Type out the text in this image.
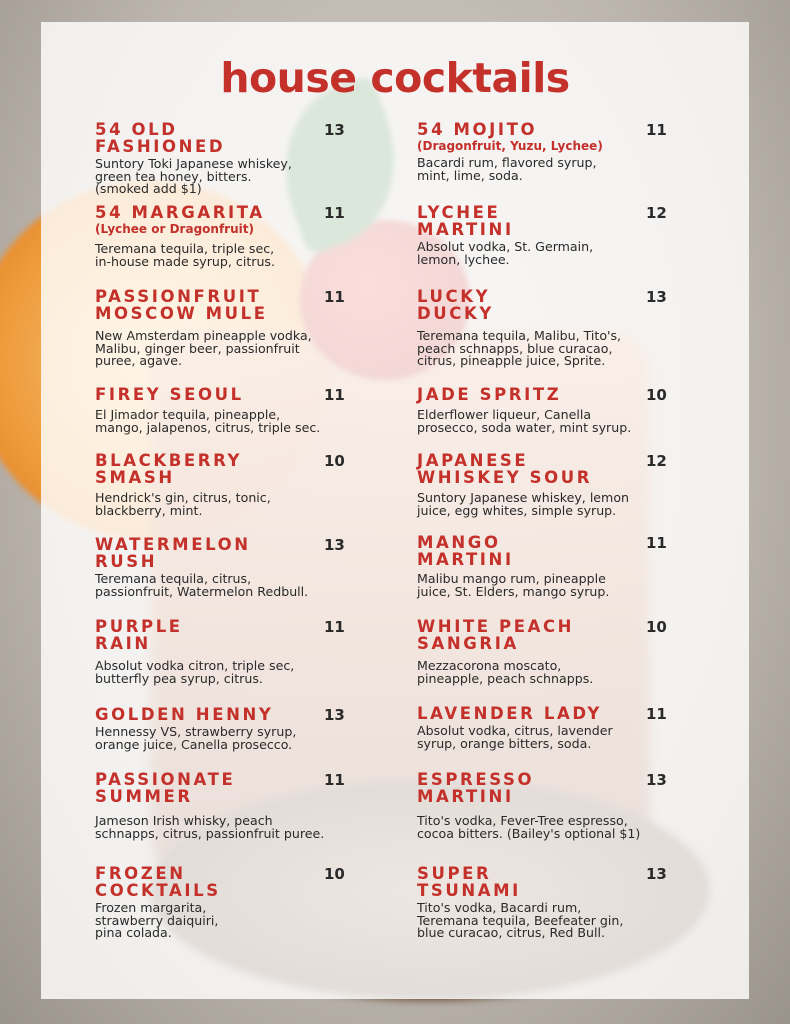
house cocktails
54 OLD
FASHIONED
Suntory Toki Japanese whiskey,
green tea honey, bitters.
(smoked add $1)
13
54 MARGARITA
(Lychee or Dragonfruit)
Teremana tequila, triple sec,
in-house made syrup, citrus.
11
PASSIONFRUIT
MOSCOW MULE
New Amsterdam pineapple vodka,
Malibu, ginger beer, passionfruit
puree, agave.
11
FIREY SEOUL
El Jimador tequila, pineapple,
mango, jalapenos, citrus, triple sec.
11
BLACKBERRY
SMASH
Hendrick's gin, citrus, tonic,
blackberry, mint.
10
WATERMELON
RUSH
Teremana tequila, citrus,
passionfruit, Watermelon Redbull.
13
PURPLE
RAIN
Absolut vodka citron, triple sec,
butterfly pea syrup, citrus.
11
GOLDEN HENNY
Hennessy VS, strawberry syrup,
orange juice, Canella prosecco.
13
PASSIONATE
SUMMER
Jameson Irish whisky, peach
schnapps, citrus, passionfruit puree.
11
FROZEN
COCKTAILS
Frozen margarita,
strawberry daiquiri,
pina colada.
10
54 MOJITO
(Dragonfruit, Yuzu, Lychee)
Bacardi rum, flavored syrup,
mint, lime, soda.
11
LYCHEE
MARTINI
Absolut vodka, St. Germain,
lemon, lychee.
12
LUCKY
DUCKY
Teremana tequila, Malibu, Tito's,
peach schnapps, blue curacao,
citrus, pineapple juice, Sprite.
13
JADE SPRITZ
Elderflower liqueur, Canella
prosecco, soda water, mint syrup.
10
JAPANESE
WHISKEY SOUR
Suntory Japanese whiskey, lemon
juice, egg whites, simple syrup.
12
MANGO
MARTINI
Malibu mango rum, pineapple
juice, St. Elders, mango syrup.
11
WHITE PEACH
SANGRIA
Mezzacorona moscato,
pineapple, peach schnapps.
10
LAVENDER LADY
Absolut vodka, citrus, lavender
syrup, orange bitters, soda.
11
ESPRESSO
MARTINI
Tito's vodka, Fever-Tree espresso,
cocoa bitters. (Bailey's optional $1)
13
SUPER
TSUNAMI
Tito's vodka, Bacardi rum,
Teremana tequila, Beefeater gin,
blue curacao, citrus, Red Bull.
13
